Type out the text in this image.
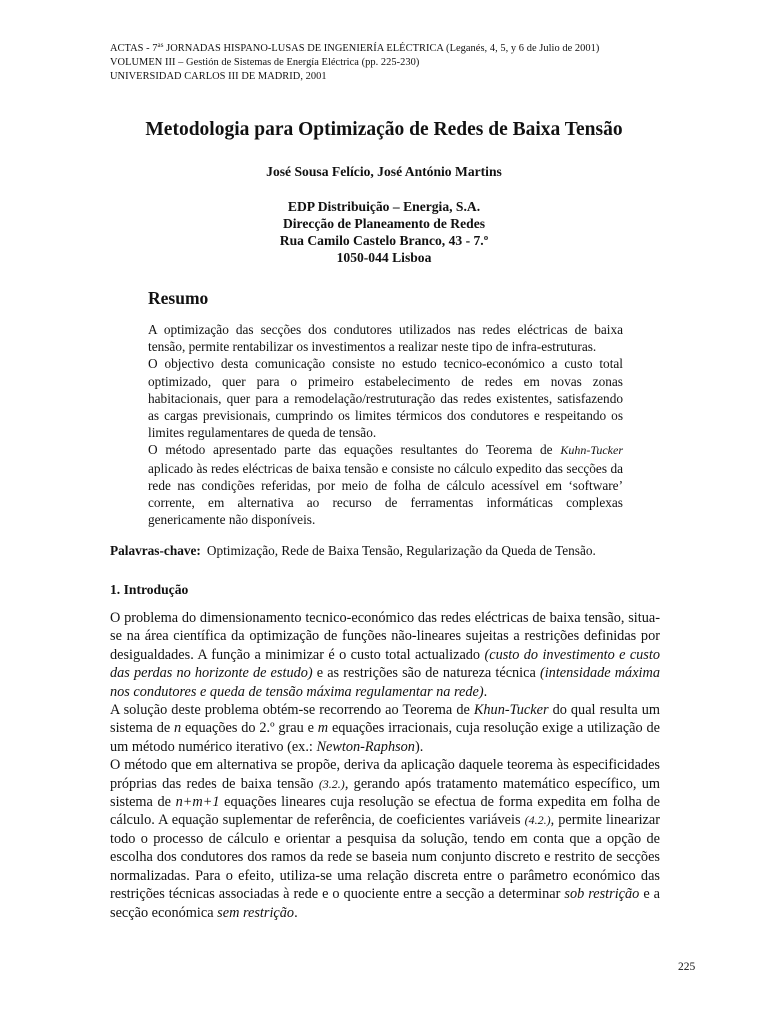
ACTAS - $7^{as}$ JORNADAS HISPANO-LUSAS DE INGENIERÍA ELÉCTRICA (Leganés, 4, 5, y 6 de Julio de 2001)
VOLUMEN III – Gestión de Sistemas de Energía Eléctrica (pp. 225-230)
UNIVERSIDAD CARLOS III DE MADRID, 2001
Metodologia para Optimização de Redes de Baixa Tensão
José Sousa Felício, José António Martins
EDP Distribuição – Energia, S.A.
Direcção de Planeamento de Redes
Rua Camilo Castelo Branco, 43 - 7.º
1050-044 Lisboa
Resumo

A optimização das secções dos condutores utilizados nas redes eléctricas de baixa tensão, permite rentabilizar os investimentos a realizar neste tipo de infra-estruturas.

O objectivo desta comunicação consiste no estudo tecnico-económico a custo total optimizado, quer para o primeiro estabelecimento de redes em novas zonas habitacionais, quer para a remodelação/restruturação das redes existentes, satisfazendo as cargas previsionais, cumprindo os limites térmicos dos condutores e respeitando os limites regulamentares de queda de tensão.

O método apresentado parte das equações resultantes do Teorema de Kuhn-Tucker aplicado às redes eléctricas de baixa tensão e consiste no cálculo expedito das secções da rede nas condições referidas, por meio de folha de cálculo acessível em ‘software’ corrente, em alternativa ao recurso de ferramentas informáticas complexas genericamente não disponíveis.

Palavras-chave: Optimização, Rede de Baixa Tensão, Regularização da Queda de Tensão.
1. Introdução

O problema do dimensionamento tecnico-económico das redes eléctricas de baixa tensão, situa-se na área científica da optimização de funções não-lineares sujeitas a restrições definidas por desigualdades. A função a minimizar é o custo total actualizado (custo do investimento e custo das perdas no horizonte de estudo) e as restrições são de natureza técnica (intensidade máxima nos condutores e queda de tensão máxima regulamentar na rede).

A solução deste problema obtém-se recorrendo ao Teorema de Khun-Tucker do qual resulta um sistema de n equações do 2.º grau e m equações irracionais, cuja resolução exige a utilização de um método numérico iterativo (ex.: Newton-Raphson).

O método que em alternativa se propõe, deriva da aplicação daquele teorema às especificidades próprias das redes de baixa tensão (3.2.), gerando após tratamento matemático específico, um sistema de n+m+1 equações lineares cuja resolução se efectua de forma expedita em folha de cálculo. A equação suplementar de referência, de coeficientes variáveis (4.2.), permite linearizar todo o processo de cálculo e orientar a pesquisa da solução, tendo em conta que a opção de escolha dos condutores dos ramos da rede se baseia num conjunto discreto e restrito de secções normalizadas. Para o efeito, utiliza-se uma relação discreta entre o parâmetro económico das restrições técnicas associadas à rede e o quociente entre a secção a determinar sob restrição e a secção económica sem restrição.

225
